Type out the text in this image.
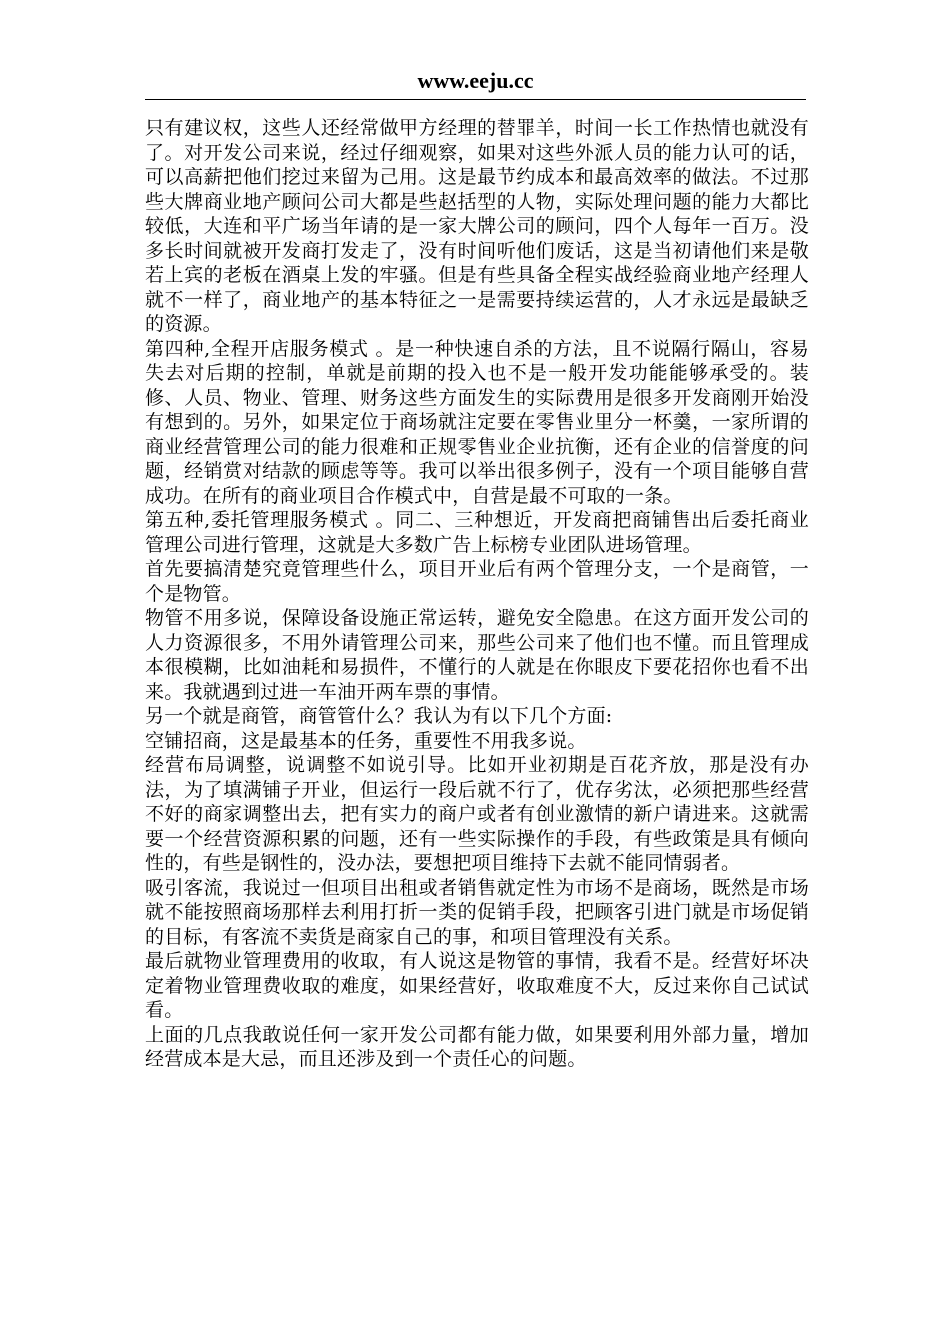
www.eeju.cc

只有建议权，这些人还经常做甲方经理的替罪羊，时间一长工作热情也就没有了。对开发公司来说，经过仔细观察，如果对这些外派人员的能力认可的话，可以高薪把他们挖过来留为己用。这是最节约成本和最高效率的做法。不过那些大牌商业地产顾问公司大都是些赵括型的人物，实际处理问题的能力大都比较低，大连和平广场当年请的是一家大牌公司的顾问，四个人每年一百万。没多长时间就被开发商打发走了，没有时间听他们废话，这是当初请他们来是敬若上宾的老板在酒桌上发的牢骚。但是有些具备全程实战经验商业地产经理人就不一样了，商业地产的基本特征之一是需要持续运营的，人才永远是最缺乏的资源。

第四种,全程开店服务模式 。是一种快速自杀的方法，且不说隔行隔山，容易失去对后期的控制，单就是前期的投入也不是一般开发功能能够承受的。装修、人员、物业、管理、财务这些方面发生的实际费用是很多开发商刚开始没有想到的。另外，如果定位于商场就注定要在零售业里分一杯羹，一家所谓的商业经营管理公司的能力很难和正规零售业企业抗衡，还有企业的信誉度的问题，经销赏对结款的顾虑等等。我可以举出很多例子，没有一个项目能够自营成功。在所有的商业项目合作模式中，自营是最不可取的一条。

第五种,委托管理服务模式 。同二、三种想近，开发商把商铺售出后委托商业管理公司进行管理，这就是大多数广告上标榜专业团队进场管理。

首先要搞清楚究竟管理些什么，项目开业后有两个管理分支，一个是商管，一个是物管。

物管不用多说，保障设备设施正常运转，避免安全隐患。在这方面开发公司的人力资源很多，不用外请管理公司来，那些公司来了他们也不懂。而且管理成本很模糊，比如油耗和易损件，不懂行的人就是在你眼皮下要花招你也看不出来。我就遇到过进一车油开两车票的事情。

另一个就是商管，商管管什么？我认为有以下几个方面:

空铺招商，这是最基本的任务，重要性不用我多说。

经营布局调整，说调整不如说引导。比如开业初期是百花齐放，那是没有办法，为了填满铺子开业，但运行一段后就不行了，优存劣汰，必须把那些经营不好的商家调整出去，把有实力的商户或者有创业激情的新户请进来。这就需要一个经营资源积累的问题，还有一些实际操作的手段，有些政策是具有倾向性的，有些是钢性的，没办法，要想把项目维持下去就不能同情弱者。

吸引客流，我说过一但项目出租或者销售就定性为市场不是商场，既然是市场就不能按照商场那样去利用打折一类的促销手段，把顾客引进门就是市场促销的目标，有客流不卖货是商家自己的事，和项目管理没有关系。

最后就物业管理费用的收取，有人说这是物管的事情，我看不是。经营好坏决定着物业管理费收取的难度，如果经营好，收取难度不大，反过来你自己试试看。

上面的几点我敢说任何一家开发公司都有能力做，如果要利用外部力量，增加经营成本是大忌，而且还涉及到一个责任心的问题。
